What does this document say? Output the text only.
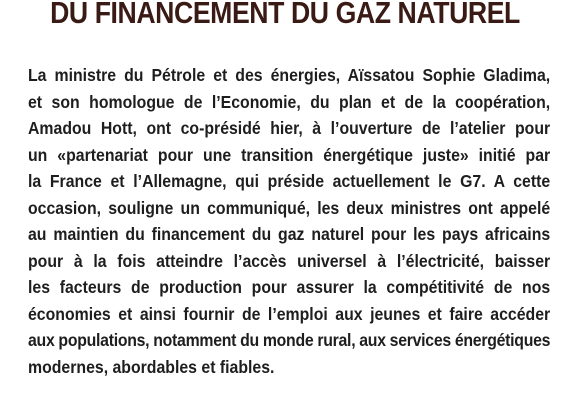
DU FINANCEMENT DU GAZ NATUREL
La ministre du Pétrole et des énergies, Aïssatou Sophie Gladima,
et son homologue de l’Economie, du plan et de la coopération,
Amadou Hott, ont co-présidé hier, à l’ouverture de l’atelier pour
un «partenariat pour une transition énergétique juste» initié par
la France et l’Allemagne, qui préside actuellement le G7. A cette
occasion, souligne un communiqué, les deux ministres ont appelé
au maintien du financement du gaz naturel pour les pays africains
pour à la fois atteindre l’accès universel à l’électricité, baisser
les facteurs de production pour assurer la compétitivité de nos
économies et ainsi fournir de l’emploi aux jeunes et faire accéder
aux populations, notamment du monde rural, aux services énergétiques
modernes, abordables et fiables.
